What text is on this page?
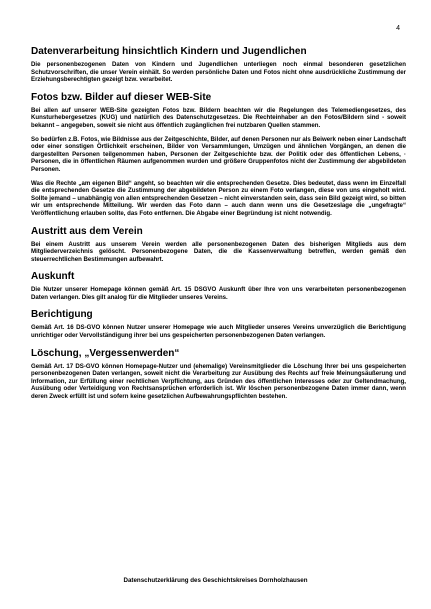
4
Datenverarbeitung hinsichtlich Kindern und Jugendlichen

Die personenbezogenen Daten von Kindern und Jugendlichen unterliegen noch einmal besonderen gesetzlichen Schutzvorschriften, die unser Verein einhält. So werden persönliche Daten und Fotos nicht ohne ausdrückliche Zustimmung der Erziehungsberechtigten gezeigt bzw. verarbeitet.

Fotos bzw. Bilder auf dieser WEB-Site

Bei allen auf unserer WEB-Site gezeigten Fotos bzw. Bildern beachten wir die Regelungen des Telemediengesetzes, des Kunsturhebergesetzes (KUG) und natürlich des Datenschutzgesetzes. Die Rechteinhaber an den Fotos/Bildern sind - soweit bekannt – angegeben, soweit sie nicht aus öffentlich zugänglichen frei nutzbaren Quellen stammen.

So bedürfen z.B. Fotos, wie Bildnisse aus der Zeitgeschichte, Bilder, auf denen Personen nur als Beiwerk neben einer Landschaft oder einer sonstigen Örtlichkeit erscheinen, Bilder von Versammlungen, Umzügen und ähnlichen Vorgängen, an denen die dargestellten Personen teilgenommen haben, Personen der Zeitgeschichte bzw. der Politik oder des öffentlichen Lebens, · Personen, die in öffentlichen Räumen aufgenommen wurden und größere Gruppenfotos nicht der Zustimmung der abgebildeten Personen.

Was die Rechte „am eigenen Bild“ angeht, so beachten wir die entsprechenden Gesetze. Dies bedeutet, dass wenn im Einzelfall die entsprechenden Gesetze die Zustimmung der abgebildeten Person zu einem Foto verlangen, diese von uns eingeholt wird. Sollte jemand – unabhängig von allen entsprechenden Gesetzen – nicht einverstanden sein, dass sein Bild gezeigt wird, so bitten wir um entsprechende Mitteilung. Wir werden das Foto dann – auch dann wenn uns die Gesetzeslage die „ungefragte“ Veröffentlichung erlauben sollte, das Foto entfernen. Die Abgabe einer Begründung ist nicht notwendig.

Austritt aus dem Verein

Bei einem Austritt aus unserem Verein werden alle personenbezogenen Daten des bisherigen Mitglieds aus dem Mitgliederverzeichnis gelöscht. Personenbezogene Daten, die die Kassenverwaltung betreffen, werden gemäß den steuerrechtlichen Bestimmungen aufbewahrt.

Auskunft

Die Nutzer unserer Homepage können gemäß Art. 15 DSGVO Auskunft über Ihre von uns verarbeiteten personenbezogenen Daten verlangen. Dies gilt analog für die Mitglieder unseres Vereins.

Berichtigung

Gemäß Art. 16 DS-GVO können Nutzer unserer Homepage wie auch Mitglieder unseres Vereins unverzüglich die Berichtigung unrichtiger oder Vervollständigung ihrer bei uns gespeicherten personenbezogenen Daten verlangen.

Löschung, „Vergessenwerden“

Gemäß Art. 17 DS-GVO können Homepage-Nutzer und (ehemalige) Vereinsmitglieder die Löschung Ihrer bei uns gespeicherten personenbezogenen Daten verlangen, soweit nicht die Verarbeitung zur Ausübung des Rechts auf freie Meinungsäußerung und Information, zur Erfüllung einer rechtlichen Verpflichtung, aus Gründen des öffentlichen Interesses oder zur Geltendmachung, Ausübung oder Verteidigung von Rechtsansprüchen erforderlich ist. Wir löschen personenbezogene Daten immer dann, wenn deren Zweck erfüllt ist und sofern keine gesetzlichen Aufbewahrungspflichten bestehen.

Datenschutzerklärung des Geschichtskreises Dornholzhausen
